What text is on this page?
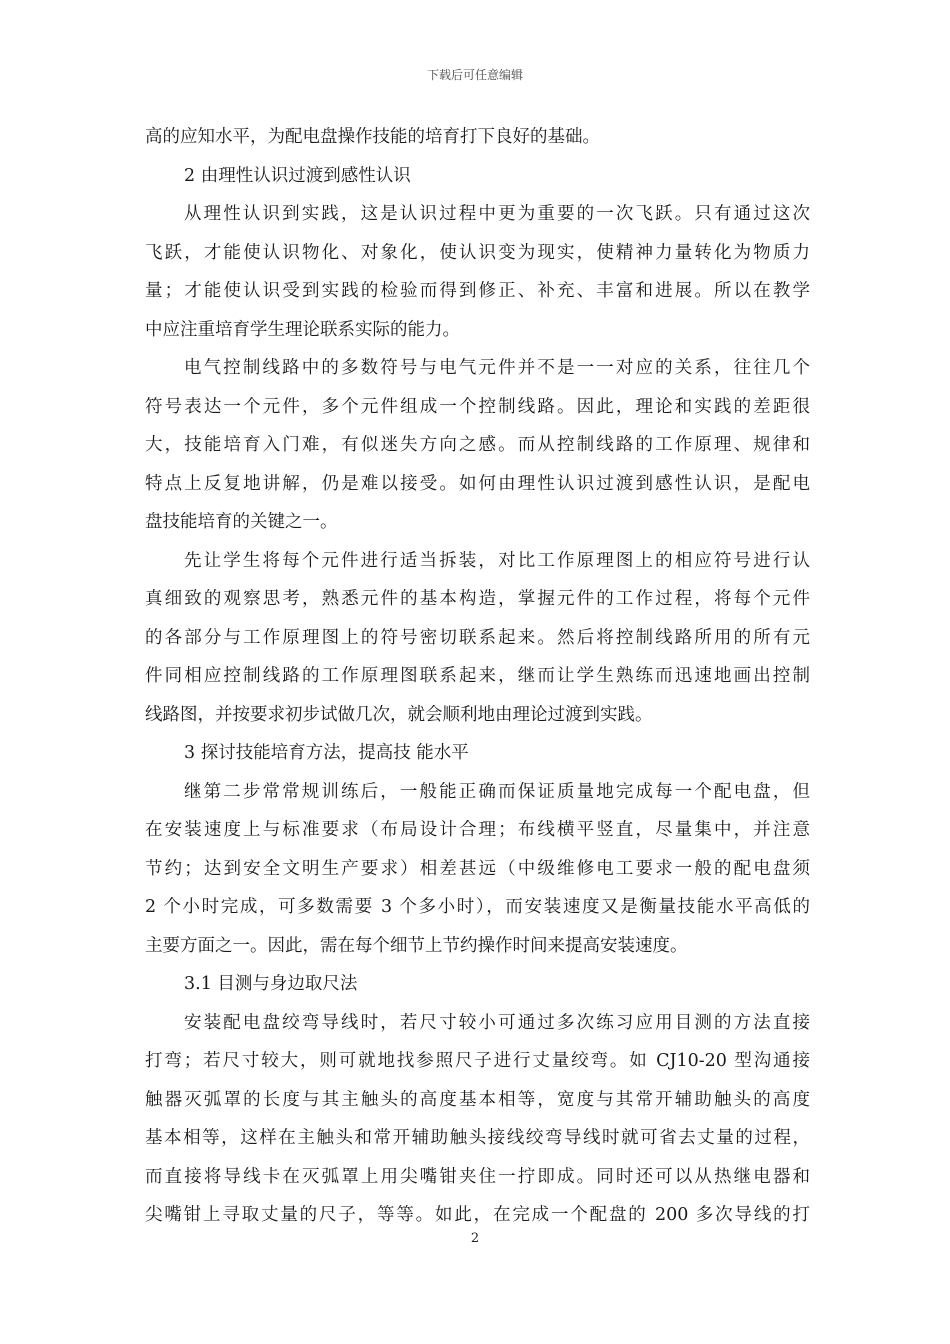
下载后可任意编辑
高的应知水平，为配电盘操作技能的培育打下良好的基础。
2 由理性认识过渡到感性认识
从理性认识到实践，这是认识过程中更为重要的一次飞跃。只有通过这次
飞跃，才能使认识物化、对象化，使认识变为现实，使精神力量转化为物质力
量；才能使认识受到实践的检验而得到修正、补充、丰富和进展。所以在教学
中应注重培育学生理论联系实际的能力。
电气控制线路中的多数符号与电气元件并不是一一对应的关系，往往几个
符号表达一个元件，多个元件组成一个控制线路。因此，理论和实践的差距很
大，技能培育入门难，有似迷失方向之感。而从控制线路的工作原理、规律和
特点上反复地讲解，仍是难以接受。如何由理性认识过渡到感性认识，是配电
盘技能培育的关键之一。
先让学生将每个元件进行适当拆装，对比工作原理图上的相应符号进行认
真细致的观察思考，熟悉元件的基本构造，掌握元件的工作过程，将每个元件
的各部分与工作原理图上的符号密切联系起来。然后将控制线路所用的所有元
件同相应控制线路的工作原理图联系起来，继而让学生熟练而迅速地画出控制
线路图，并按要求初步试做几次，就会顺利地由理论过渡到实践。
3 探讨技能培育方法，提高技 能水平
继第二步常常规训练后，一般能正确而保证质量地完成每一个配电盘，但
在安装速度上与标准要求（布局设计合理；布线横平竖直，尽量集中，并注意
节约；达到安全文明生产要求）相差甚远（中级维修电工要求一般的配电盘须
2 个小时完成，可多数需要 3 个多小时），而安装速度又是衡量技能水平高低的
主要方面之一。因此，需在每个细节上节约操作时间来提高安装速度。
3.1 目测与身边取尺法
安装配电盘绞弯导线时，若尺寸较小可通过多次练习应用目测的方法直接
打弯；若尺寸较大，则可就地找参照尺子进行丈量绞弯。如 CJ10-20 型沟通接
触器灭弧罩的长度与其主触头的高度基本相等，宽度与其常开辅助触头的高度
基本相等，这样在主触头和常开辅助触头接线绞弯导线时就可省去丈量的过程，
而直接将导线卡在灭弧罩上用尖嘴钳夹住一拧即成。同时还可以从热继电器和
尖嘴钳上寻取丈量的尺子，等等。如此，在完成一个配盘的 200 多次导线的打
2
